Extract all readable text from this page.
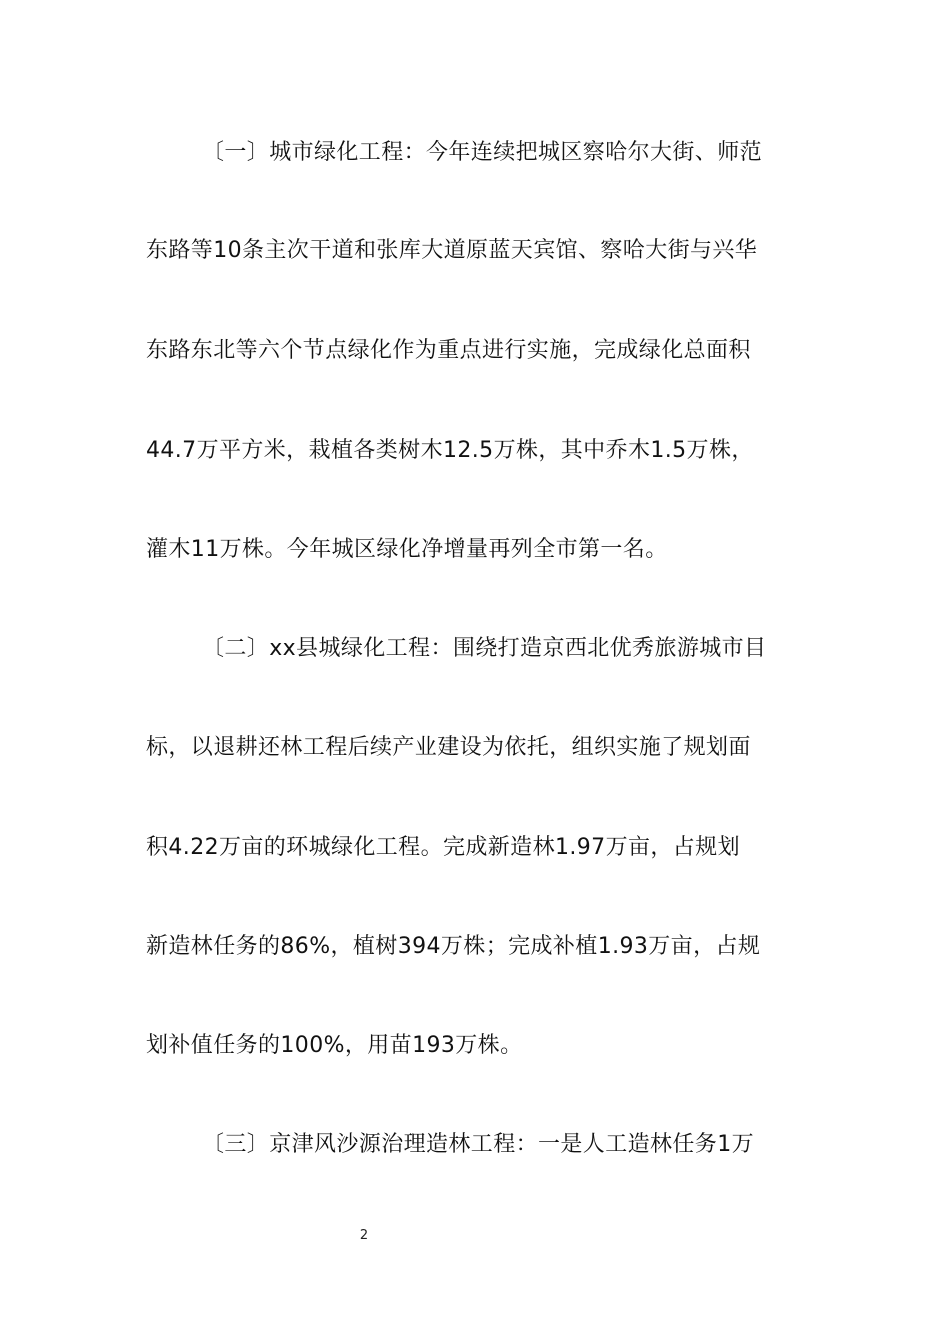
〔一〕城市绿化工程：今年连续把城区察哈尔大街、师范
东路等10条主次干道和张库大道原蓝天宾馆、察哈大街与兴华
东路东北等六个节点绿化作为重点进行实施，完成绿化总面积
44.7万平方米，栽植各类树木12.5万株，其中乔木1.5万株，
灌木11万株。今年城区绿化净增量再列全市第一名。
〔二〕xx县城绿化工程：围绕打造京西北优秀旅游城市目
标，以退耕还林工程后续产业建设为依托，组织实施了规划面
积4.22万亩的环城绿化工程。完成新造林1.97万亩，占规划
新造林任务的86%，植树394万株；完成补植1.93万亩，占规
划补值任务的100%，用苗193万株。
〔三〕京津风沙源治理造林工程：一是人工造林任务1万
2
